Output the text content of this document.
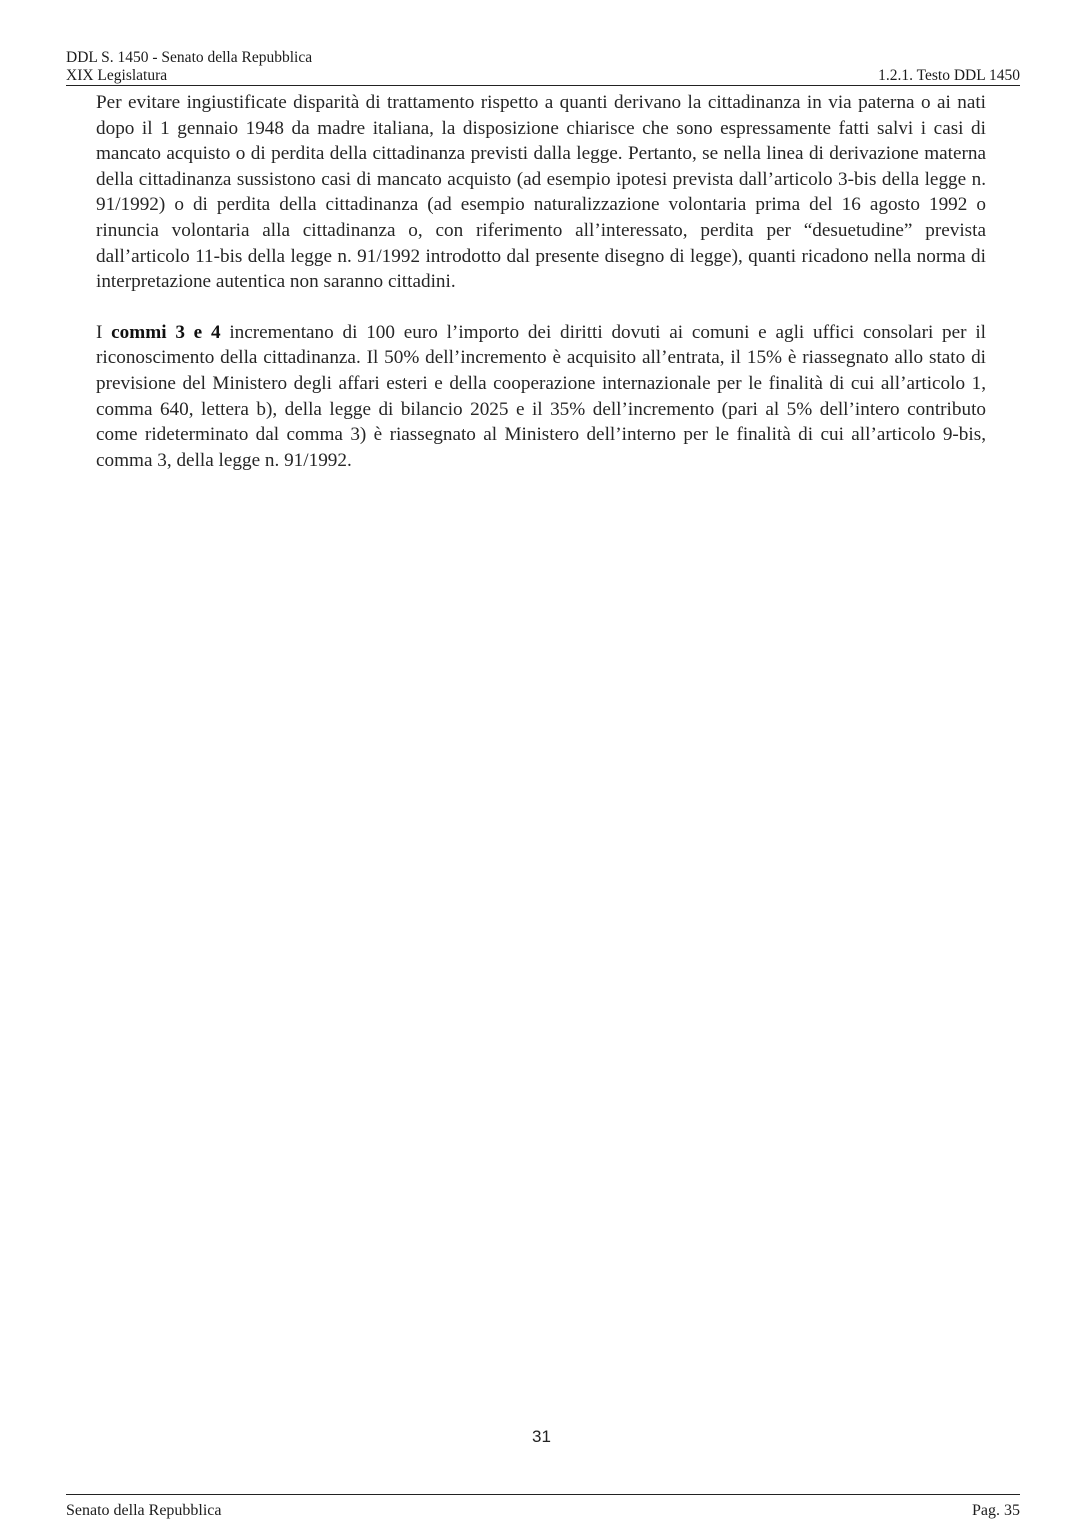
DDL S. 1450 - Senato della Repubblica
XIX Legislatura	1.2.1. Testo DDL 1450

Per evitare ingiustificate disparità di trattamento rispetto a quanti derivano la cittadinanza in via paterna o ai nati dopo il 1 gennaio 1948 da madre italiana, la disposizione chiarisce che sono espressamente fatti salvi i casi di mancato acquisto o di perdita della cittadinanza previsti dalla legge. Pertanto, se nella linea di derivazione materna della cittadinanza sussistono casi di mancato acquisto (ad esempio ipotesi prevista dall’articolo 3-bis della legge n. 91/1992) o di perdita della cittadinanza (ad esempio naturalizzazione volontaria prima del 16 agosto 1992 o rinuncia volontaria alla cittadinanza o, con riferimento all’interessato, perdita per “desuetudine” prevista dall’articolo 11-bis della legge n. 91/1992 introdotto dal presente disegno di legge), quanti ricadono nella norma di interpretazione autentica non saranno cittadini.

I commi 3 e 4 incrementano di 100 euro l’importo dei diritti dovuti ai comuni e agli uffici consolari per il riconoscimento della cittadinanza. Il 50% dell’incremento è acquisito all’entrata, il 15% è riassegnato allo stato di previsione del Ministero degli affari esteri e della cooperazione internazionale per le finalità di cui all’articolo 1, comma 640, lettera b), della legge di bilancio 2025 e il 35% dell’incremento (pari al 5% dell’intero contributo come rideterminato dal comma 3) è riassegnato al Ministero dell’interno per le finalità di cui all’articolo 9-bis, comma 3, della legge n. 91/1992.

31
Senato della Repubblica	Pag. 35
